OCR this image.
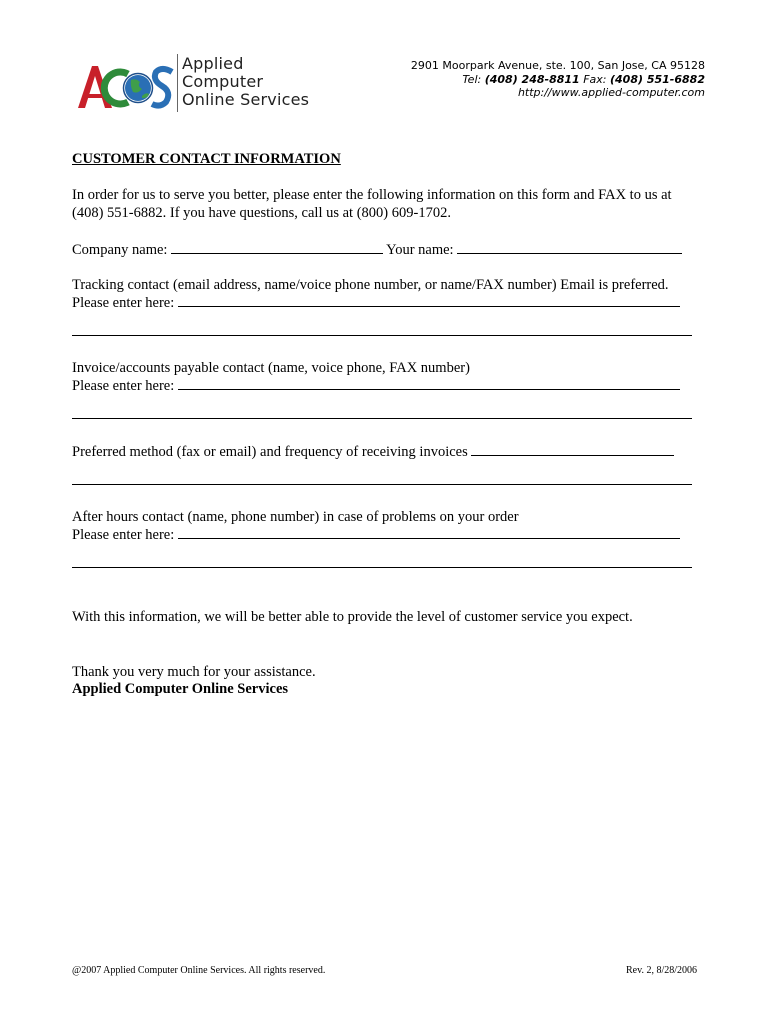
Applied
Computer
Online Services
2901 Moorpark Avenue, ste. 100, San Jose, CA 95128
Tel: (408) 248-8811 Fax: (408) 551-6882
http://www.applied-computer.com
CUSTOMER CONTACT INFORMATION
In order for us to serve you better, please enter the following information on this form and FAX to us at
(408) 551-6882. If you have questions, call us at (800) 609-1702.
Company name:	Your name:
Tracking contact (email address, name/voice phone number, or name/FAX number) Email is preferred.
Please enter here:
Invoice/accounts payable contact (name, voice phone, FAX number)
Please enter here:
Preferred method (fax or email) and frequency of receiving invoices
After hours contact (name, phone number) in case of problems on your order
Please enter here:
With this information, we will be better able to provide the level of customer service you expect.
Thank you very much for your assistance.
Applied Computer Online Services
@2007 Applied Computer Online Services. All rights reserved.	Rev. 2, 8/28/2006
